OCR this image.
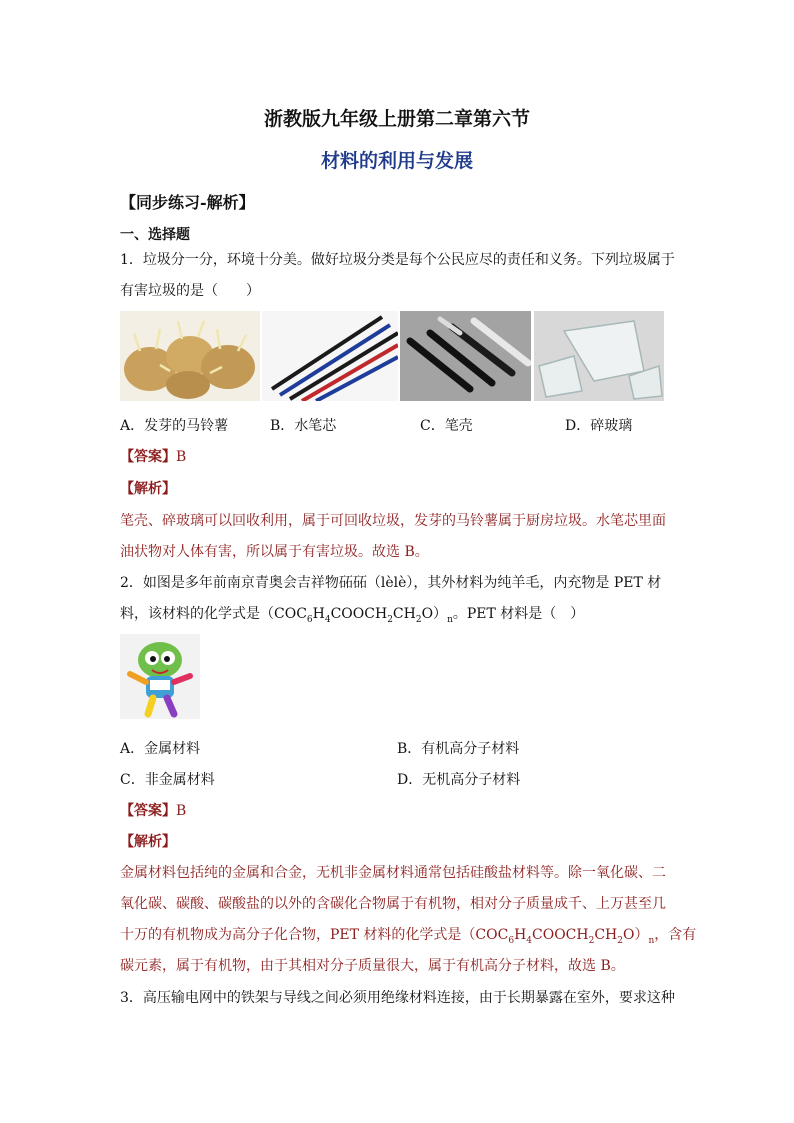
浙教版九年级上册第二章第六节
材料的利用与发展
【同步练习-解析】
一、选择题
1．垃圾分一分，环境十分美。做好垃圾分类是每个公民应尽的责任和义务。下列垃圾属于
有害垃圾的是（　　）
A．发芽的马铃薯	B．水笔芯	C．笔壳	D．碎玻璃
【答案】B
【解析】
笔壳、碎玻璃可以回收利用，属于可回收垃圾，发芽的马铃薯属于厨房垃圾。水笔芯里面
油状物对人体有害，所以属于有害垃圾。故选 B。
2．如图是多年前南京青奥会吉祥物砳砳（lèlè），其外材料为纯羊毛，内充物是 PET 材
料，该材料的化学式是$(COC_6H_4COOCH_2CH_2O)_n$。PET 材料是（　）
A．金属材料	B．有机高分子材料
C．非金属材料	D．无机高分子材料
【答案】B
【解析】
金属材料包括纯的金属和合金，无机非金属材料通常包括硅酸盐材料等。除一氧化碳、二
氧化碳、碳酸、碳酸盐的以外的含碳化合物属于有机物，相对分子质量成千、上万甚至几
十万的有机物成为高分子化合物，PET 材料的化学式是$(COC_6H_4COOCH_2CH_2O)_n$，含有
碳元素，属于有机物，由于其相对分子质量很大，属于有机高分子材料，故选 B。
3．高压输电网中的铁架与导线之间必须用绝缘材料连接，由于长期暴露在室外，要求这种
